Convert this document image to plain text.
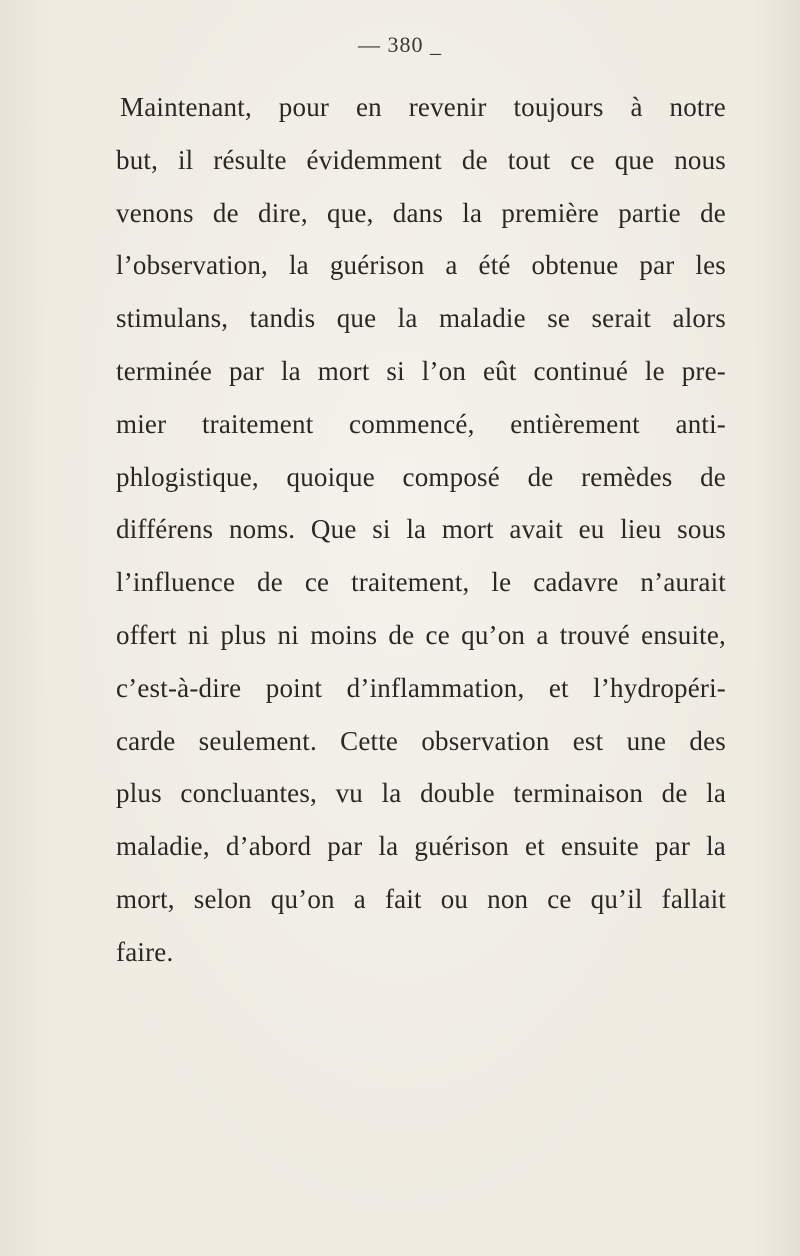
— 380 _
Maintenant, pour en revenir toujours à notre
but, il résulte évidemment de tout ce que nous
venons de dire, que, dans la première partie de
l’observation, la guérison a été obtenue par les
stimulans, tandis que la maladie se serait alors
terminée par la mort si l’on eût continué le pre-
mier traitement commencé, entièrement anti-
phlogistique, quoique composé de remèdes de
différens noms. Que si la mort avait eu lieu sous
l’influence de ce traitement, le cadavre n’aurait
offert ni plus ni moins de ce qu’on a trouvé ensuite,
c’est-à-dire point d’inflammation, et l’hydropéri-
carde seulement. Cette observation est une des
plus concluantes, vu la double terminaison de la
maladie, d’abord par la guérison et ensuite par la
mort, selon qu’on a fait ou non ce qu’il fallait
faire.
